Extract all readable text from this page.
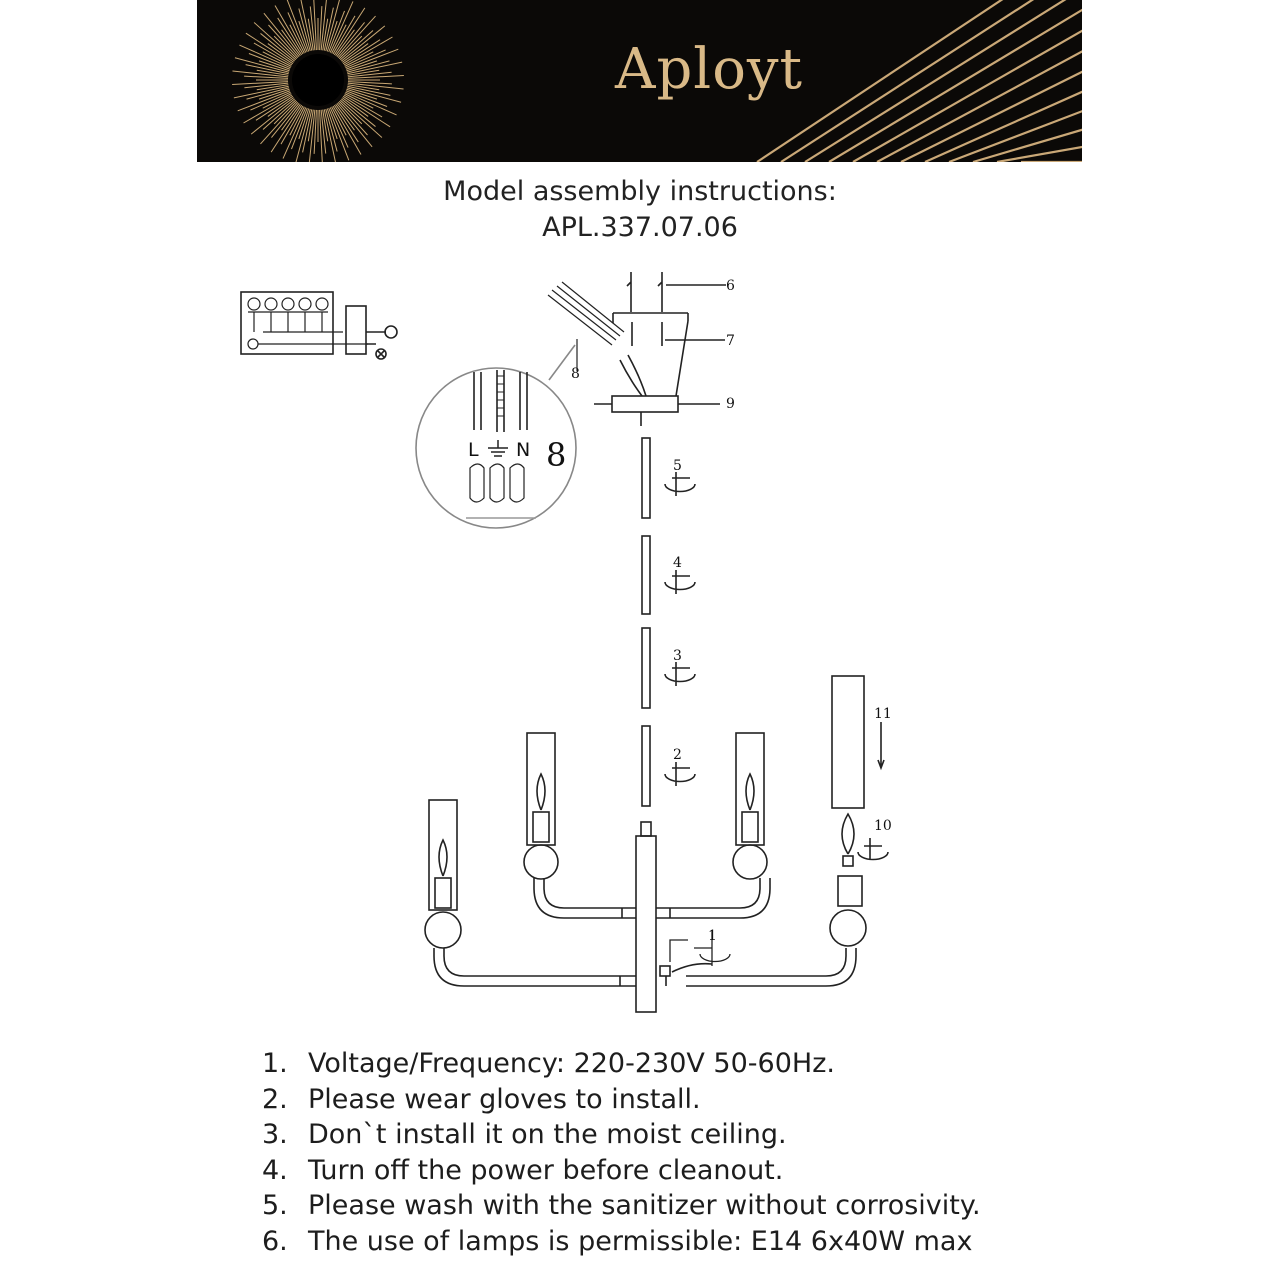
Aployt
Model assembly instructions:
APL.337.07.06
6
7
8
9
5
4
3
2
11
10
1
L N 8
1. Voltage/Frequency: 220-230V 50-60Hz.
2. Please wear gloves to install.
3. Don`t install it on the moist ceiling.
4. Turn off the power before cleanout.
5. Please wash with the sanitizer without corrosivity.
6. The use of lamps is permissible: E14 6x40W max
